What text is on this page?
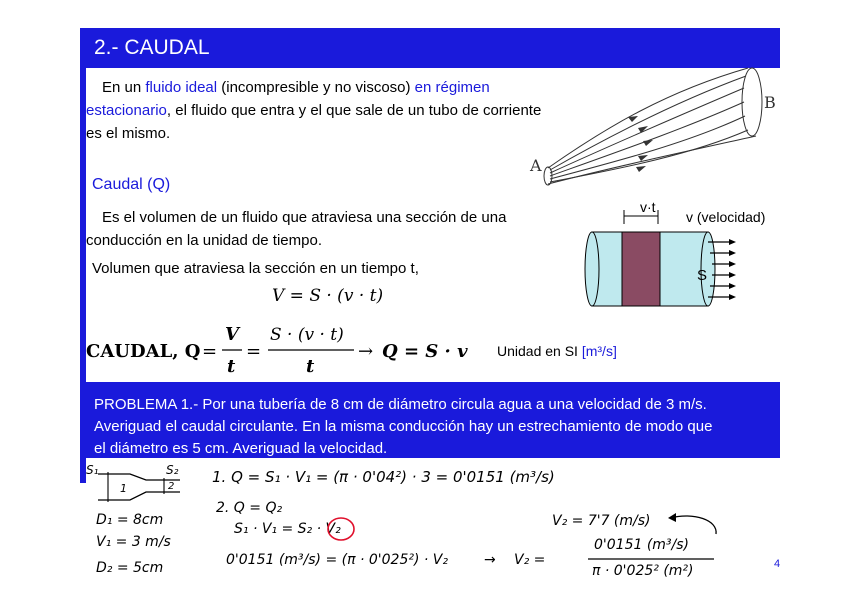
2.- CAUDAL
En un fluido ideal (incompresible y no viscoso) en régimen
estacionario, el fluido que entra y el que sale de un tubo de corriente
es el mismo.
A
B
Caudal (Q)
Es el volumen de un fluido que atraviesa una sección de una
conducción en la unidad de tiempo.
Volumen que atraviesa la sección en un tiempo t,
V = S · (v · t)
v·t
v (velocidad)
S
CAUDAL, Q =
V
t
=
S · (v · t)
t
→ Q = S · v Unidad en SI [m³/s]
PROBLEMA 1.- Por una tubería de 8 cm de diámetro circula agua a una velocidad de 3 m/s.
Averiguad el caudal circulante. En la misma conducción hay un estrechamiento de modo que
el diámetro es 5 cm. Averiguad la velocidad.
S₁	S₂
1	2
1. Q = S₁ · V₁ = (π · 0'04²) · 3 = 0'0151 (m³/s)
2. Q = Q₂
S₁ · V₁ = S₂ · V₂
0'0151 (m³/s) = (π · 0'025²) · V₂	→ V₂ =
0'0151 (m³/s)
π · 0'025² (m²)
V₂ = 7'7 (m/s)
D₁ = 8cm
V₁ = 3 m/s
D₂ = 5cm	4
